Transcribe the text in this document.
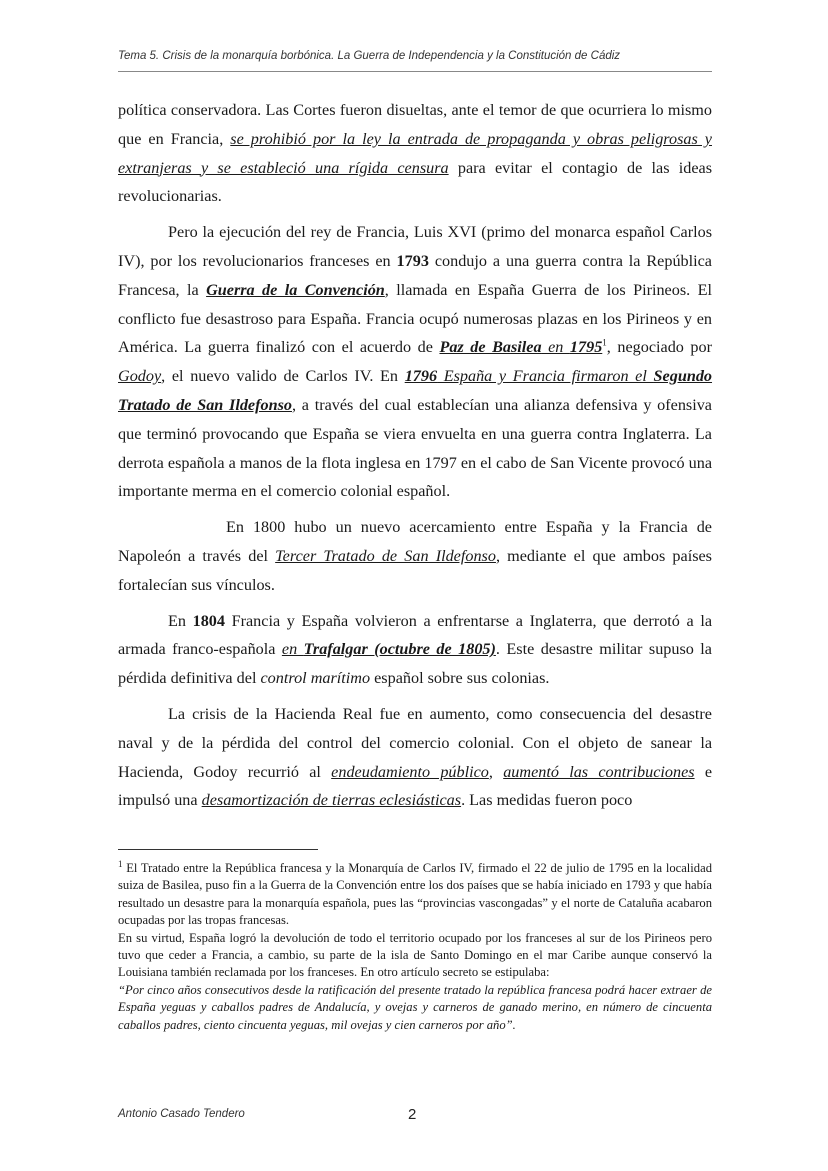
Tema 5. Crisis de la monarquía borbónica. La Guerra de Independencia y la Constitución de Cádiz

política conservadora. Las Cortes fueron disueltas, ante el temor de que ocurriera lo mismo que en Francia, se prohibió por la ley la entrada de propaganda y obras peligrosas y extranjeras y se estableció una rígida censura para evitar el contagio de las ideas revolucionarias.

Pero la ejecución del rey de Francia, Luis XVI (primo del monarca español Carlos IV), por los revolucionarios franceses en 1793 condujo a una guerra contra la República Francesa, la Guerra de la Convención, llamada en España Guerra de los Pirineos. El conflicto fue desastroso para España. Francia ocupó numerosas plazas en los Pirineos y en América. La guerra finalizó con el acuerdo de Paz de Basilea en 1795$^1$, negociado por Godoy, el nuevo valido de Carlos IV. En 1796 España y Francia firmaron el Segundo Tratado de San Ildefonso, a través del cual establecían una alianza defensiva y ofensiva que terminó provocando que España se viera envuelta en una guerra contra Inglaterra. La derrota española a manos de la flota inglesa en 1797 en el cabo de San Vicente provocó una importante merma en el comercio colonial español.

En 1800 hubo un nuevo acercamiento entre España y la Francia de Napoleón a través del Tercer Tratado de San Ildefonso, mediante el que ambos países fortalecían sus vínculos.

En 1804 Francia y España volvieron a enfrentarse a Inglaterra, que derrotó a la armada franco-española en Trafalgar (octubre de 1805). Este desastre militar supuso la pérdida definitiva del control marítimo español sobre sus colonias.

La crisis de la Hacienda Real fue en aumento, como consecuencia del desastre naval y de la pérdida del control del comercio colonial. Con el objeto de sanear la Hacienda, Godoy recurrió al endeudamiento público, aumentó las contribuciones e impulsó una desamortización de tierras eclesiásticas. Las medidas fueron poco

$^1$ El Tratado entre la República francesa y la Monarquía de Carlos IV, firmado el 22 de julio de 1795 en la localidad suiza de Basilea, puso fin a la Guerra de la Convención entre los dos países que se había iniciado en 1793 y que había resultado un desastre para la monarquía española, pues las “provincias vascongadas” y el norte de Cataluña acabaron ocupadas por las tropas francesas.

En su virtud, España logró la devolución de todo el territorio ocupado por los franceses al sur de los Pirineos pero tuvo que ceder a Francia, a cambio, su parte de la isla de Santo Domingo en el mar Caribe aunque conservó la Louisiana también reclamada por los franceses. En otro artículo secreto se estipulaba:

“Por cinco años consecutivos desde la ratificación del presente tratado la república francesa podrá hacer extraer de España yeguas y caballos padres de Andalucía, y ovejas y carneros de ganado merino, en número de cincuenta caballos padres, ciento cincuenta yeguas, mil ovejas y cien carneros por año”.

Antonio Casado Tendero	2
